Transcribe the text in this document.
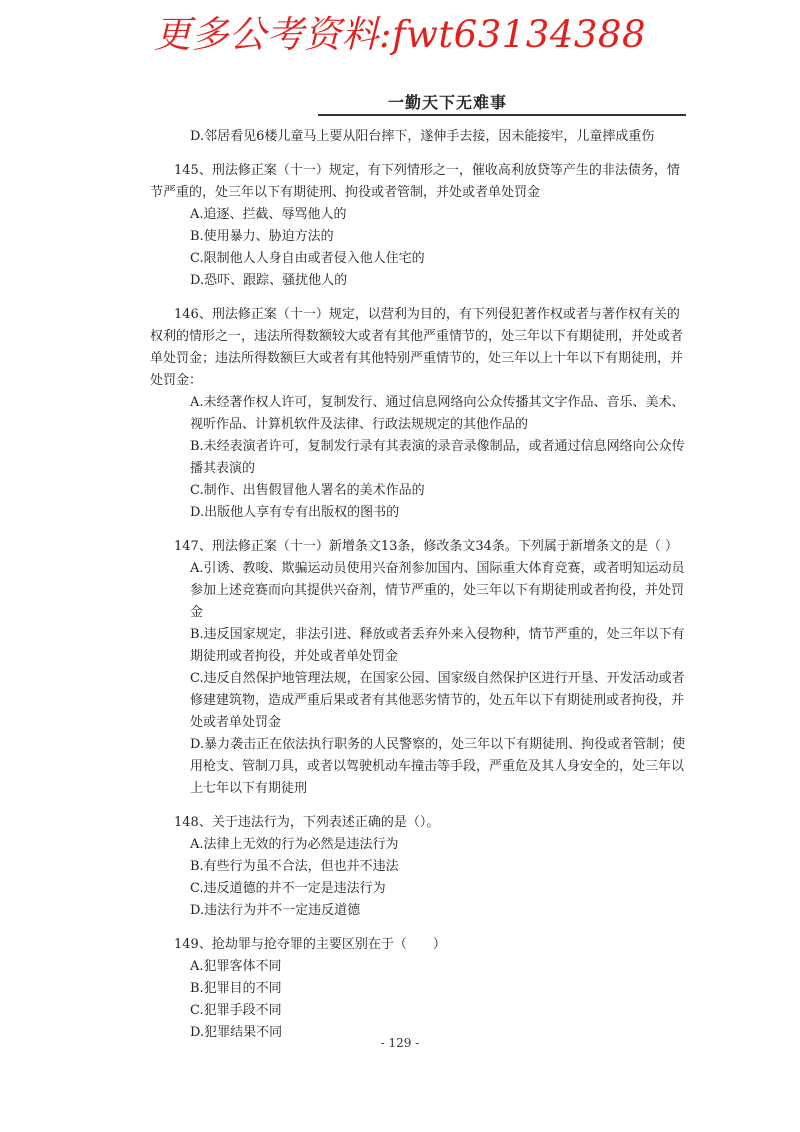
更多公考资料:fwt63134388
一勤天下无难事
D.邻居看见6楼儿童马上要从阳台摔下，遂伸手去接，因未能接牢，儿童摔成重伤
145、刑法修正案（十一）规定，有下列情形之一，催收高利放贷等产生的非法债务，情节严重的，处三年以下有期徒刑、拘役或者管制，并处或者单处罚金
A.追逐、拦截、辱骂他人的
B.使用暴力、胁迫方法的
C.限制他人人身自由或者侵入他人住宅的
D.恐吓、跟踪、骚扰他人的
146、刑法修正案（十一）规定，以营利为目的，有下列侵犯著作权或者与著作权有关的权利的情形之一，违法所得数额较大或者有其他严重情节的，处三年以下有期徒刑，并处或者单处罚金；违法所得数额巨大或者有其他特别严重情节的，处三年以上十年以下有期徒刑，并处罚金：
A.未经著作权人许可，复制发行、通过信息网络向公众传播其文字作品、音乐、美术、视听作品、计算机软件及法律、行政法规规定的其他作品的
B.未经表演者许可，复制发行录有其表演的录音录像制品，或者通过信息网络向公众传播其表演的
C.制作、出售假冒他人署名的美术作品的
D.出版他人享有专有出版权的图书的
147、刑法修正案（十一）新增条文13条，修改条文34条。下列属于新增条文的是（ ）
A.引诱、教唆、欺骗运动员使用兴奋剂参加国内、国际重大体育竞赛，或者明知运动员参加上述竞赛而向其提供兴奋剂，情节严重的，处三年以下有期徒刑或者拘役，并处罚金
B.违反国家规定，非法引进、释放或者丢弃外来入侵物种，情节严重的，处三年以下有期徒刑或者拘役，并处或者单处罚金
C.违反自然保护地管理法规，在国家公园、国家级自然保护区进行开垦、开发活动或者修建建筑物，造成严重后果或者有其他恶劣情节的，处五年以下有期徒刑或者拘役，并处或者单处罚金
D.暴力袭击正在依法执行职务的人民警察的，处三年以下有期徒刑、拘役或者管制；使用枪支、管制刀具，或者以驾驶机动车撞击等手段，严重危及其人身安全的，处三年以上七年以下有期徒刑
148、关于违法行为，下列表述正确的是（）。
A.法律上无效的行为必然是违法行为
B.有些行为虽不合法，但也并不违法
C.违反道德的并不一定是违法行为
D.违法行为并不一定违反道德
149、抢劫罪与抢夺罪的主要区别在于（　　）
A.犯罪客体不同
B.犯罪目的不同
C.犯罪手段不同
D.犯罪结果不同
- 129 -
